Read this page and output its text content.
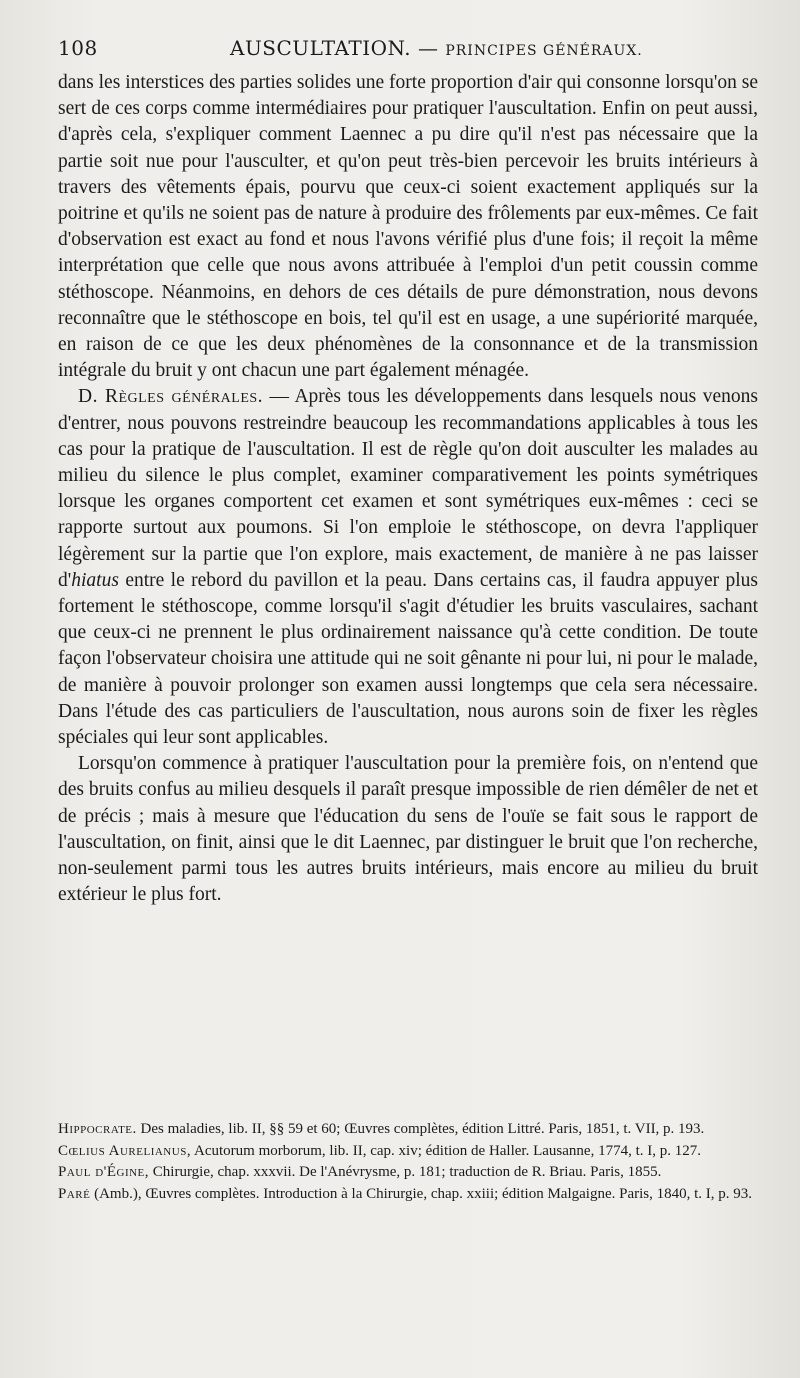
108	AUSCULTATION. — PRINCIPES GÉNÉRAUX.

dans les interstices des parties solides une forte proportion d'air qui consonne lorsqu'on se sert de ces corps comme intermédiaires pour pratiquer l'auscultation. Enfin on peut aussi, d'après cela, s'expliquer comment Laennec a pu dire qu'il n'est pas nécessaire que la partie soit nue pour l'ausculter, et qu'on peut très-bien percevoir les bruits intérieurs à travers des vêtements épais, pourvu que ceux-ci soient exactement appliqués sur la poitrine et qu'ils ne soient pas de nature à produire des frôlements par eux-mêmes. Ce fait d'observation est exact au fond et nous l'avons vérifié plus d'une fois; il reçoit la même interprétation que celle que nous avons attribuée à l'emploi d'un petit coussin comme stéthoscope. Néanmoins, en dehors de ces détails de pure démonstration, nous devons reconnaître que le stéthoscope en bois, tel qu'il est en usage, a une supériorité marquée, en raison de ce que les deux phénomènes de la consonnance et de la transmission intégrale du bruit y ont chacun une part également ménagée.

D. Règles générales. — Après tous les développements dans lesquels nous venons d'entrer, nous pouvons restreindre beaucoup les recommandations applicables à tous les cas pour la pratique de l'auscultation. Il est de règle qu'on doit ausculter les malades au milieu du silence le plus complet, examiner comparativement les points symétriques lorsque les organes comportent cet examen et sont symétriques eux-mêmes : ceci se rapporte surtout aux poumons. Si l'on emploie le stéthoscope, on devra l'appliquer légèrement sur la partie que l'on explore, mais exactement, de manière à ne pas laisser d'hiatus entre le rebord du pavillon et la peau. Dans certains cas, il faudra appuyer plus fortement le stéthoscope, comme lorsqu'il s'agit d'étudier les bruits vasculaires, sachant que ceux-ci ne prennent le plus ordinairement naissance qu'à cette condition. De toute façon l'observateur choisira une attitude qui ne soit gênante ni pour lui, ni pour le malade, de manière à pouvoir prolonger son examen aussi longtemps que cela sera nécessaire. Dans l'étude des cas particuliers de l'auscultation, nous aurons soin de fixer les règles spéciales qui leur sont applicables.

Lorsqu'on commence à pratiquer l'auscultation pour la première fois, on n'entend que des bruits confus au milieu desquels il paraît presque impossible de rien démêler de net et de précis ; mais à mesure que l'éducation du sens de l'ouïe se fait sous le rapport de l'auscultation, on finit, ainsi que le dit Laennec, par distinguer le bruit que l'on recherche, non-seulement parmi tous les autres bruits intérieurs, mais encore au milieu du bruit extérieur le plus fort.

Hippocrate. Des maladies, lib. II, §§ 59 et 60; Œuvres complètes, édition Littré. Paris, 1851, t. VII, p. 193.

Cœlius Aurelianus, Acutorum morborum, lib. II, cap. xiv; édition de Haller. Lausanne, 1774, t. I, p. 127.

Paul d'Égine, Chirurgie, chap. xxxvii. De l'Anévrysme, p. 181; traduction de R. Briau. Paris, 1855.

Paré (Amb.), Œuvres complètes. Introduction à la Chirurgie, chap. xxiii; édition Malgaigne. Paris, 1840, t. I, p. 93.
